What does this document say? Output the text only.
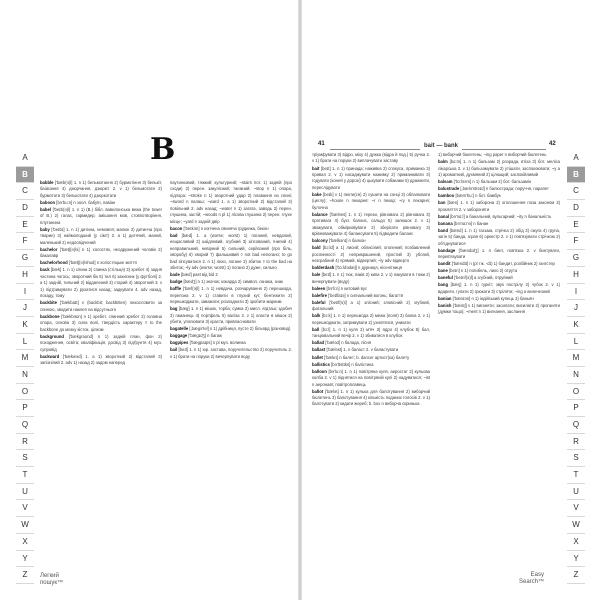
A
B
C
D
E
F
G
H
I
J
K
L
M
N
O
P
Q
R
S
T
U
V
W
X
Y
Z
A
B
C
D
E
F
G
H
I
J
K
L
M
N
O
P
Q
R
S
T
U
V
W
X
Y
Z
B
babble ['bæb(ə)l] 1. n 1) бельмотання 2) бурмотіння 3) белькіт, базікання 4) дзюрчання, дзюркіт 2. v 1) бельмотати 2) бурмотати 3) белькотати 4) дзюркотати
baboon [bə'bu:n] n зоол. бабуїн, павіан
babel ['beɪb(ə)l] 1. n 1) (B.) бібл. вавилонська вежа (the tower of B.) 2) галас, гармидер, змішання мов, стовпотворіння, плутанина
baby ['beɪbɪ] 1. n 1) дитина, немовля; малюк 2) дитинча (про тварин) 3) наймолодший (у сім'ї) 2. a 1) дитячий, малий, маленький 2) недосвідчений
bachelor ['bætʃ(ə)lə] n 1) холостяк, неодружений чоловік 2) бакалавр
bachelorhood ['bætʃ(ə)ləhʊd] n холостяцьке життя
back [bæk] 1. n 1) спина 2) спинка (стільця) 3) хребет 4) задня частина чогось; зворотний бік 5) тил 6) захисник (у футболі) 2. a 1) задній, тильний 2) віддалений 3) старий 4) зворотний 3. v 1) підтримувати 2) рухатися назад; задкувати 4. adv назад, позаду, тому
backbite ['bækbaɪt] v (backbit; backbitten) лихословити за спиною, зводити наклеп на відсутнього
backbone ['bækbəʊn] n 1) хребет, спинний хребет 2) головна опора, основа 3) сила волі, твердість характеру ◊ to the backbone до мозку кісток, цілком
background ['bækgraʊnd] n 1) задній план, фон 2) походження, освіта; кваліфікація, досвід 3) підґрунтя 4) муз. супровід
backward ['bækwəd] 1. a 1) зворотний 2) відсталий 3) запізнілий 2. adv 1) назад 2) задом наперед
паутинковий, тяжкий; культурний; ~stairs пот. 1) задній (про сходи) 2) перен. закулісний; таємний; ~stop n 1) опора, підпора; ~stroke n 1) зворотний удар 2) плавання на спині; ~sword n палаш; ~ward 1. a 1) зворотний 2) відсталий 3) повільний 2. adv назад; ~water n 1) загата, заводь 2) перен. глушина, застій; ~woods n pl 1) лісова глушина 2) перен. глухе місце; ~yard n задній двір
bacon ['beɪkən] n копчена свиняча грудинка, бекон
bad [bæd] 1. a (worse; worst) 1) поганий, невдалий, нещасливий 2) шкідливий, згубний 3) зіпсований, гнилий 4) неправильний, невірний 5) сильний, серйозний (про біль, хворобу) 6) хворий 7) фальшивий ◊ not bad непогано; to go bad зіпсуватися 2. n 1) лихо, погане 2) збиток ◊ to the bad на збиток; ~ly adv (worse; worst) 1) погано 2) дуже, сильно
bade [bæd] past від bid 2
badge [bædʒ] n 1) значок; кокарда 2) символ, ознака, знак
baffle ['bæf(ə)l] 1. n 1) невдача, розчарування 2) перешкода, перепона 2. v 1) ставити в глухий кут, бентежити 2) перешкоджати, заважати; розладнати 3) зробити марним
bag [bæɡ] 1. n 1) мішок, торба; сумка 2) мисл. ягдташ; здобич 3) гаманець 4) портфель 5) валіза 2. v 1) класти в мішок 2) убити, уполювати 3) красти, привласнювати
bagatelle [,bæɡə'tel] n 1) дрібниця, пусте 2) більярд (різновид)
baggage ['bæɡɪdʒ] n багаж
bagpipes ['bæɡpaɪps] n pl муз. волинка
bail [beɪl] 1. n 1) юр. застава, поручительство 2) поручитель 2. v 1) брати на поруки 2) вичерпувати воду
Легкий
пошук™
41	bait — bank	42
тріумфувати 3) відро, міху 4) дужка (відра й под.) 5) ручка 2. v 1) брати на поруки 2) виплачувати заставу
bait [beɪt] 1. n 1) принада; наживка 2) спокуса, приманка 3) привал 2. v 1) насаджувати наживку 2) приманювати 3) годувати (коней у дорозі) 4) цькувати собаками 5) дражнити, переслідувати
bake [beɪk] v 1) пекти(ся) 2) сушити на сонці 3) обпалювати (цеглу); ~house n пекарня; ~r n пекар; ~ry n пекарня; булочна
balance ['bæləns] 1. n 1) терези, рівновага 2) рівновага 3) противага 4) бухг. баланс, сальдо 5) залишок 2. v 1) зважувати, обмірковувати 2) зберігати рівновагу 3) врівноважувати 4) балансувати 5) підводити баланс
balcony ['bælkənɪ] n балкон
bald [bɔ:ld] a 1) лисий; облисілий; оголений; позбавлений рослинності 2) неприкрашений, простий 3) убогий, незграбний 4) прямий, відвертий; ~ly adv відверто
balderdash ['bɔ:ldədæʃ] n дурниця, нісенітниця
bale [beɪl] 1. n 1) тюк, паків 2) кипа 2. v 1) пакувати в тюки 2) вичерпувати (воду)
baleen [bə'li:n] n китовий вус
balefire ['beɪlfaɪə] n сигнальний вогонь; багаття
baleful ['beɪlf(ə)l] a 1) злісний; зловісний 2) згубний, фатальний
balk [bɔ:k] 1. n 1) перешкода 2) межа (поля) 3) балка 2. v 1) перешкоджати, затримувати 2) ухилятися, уникати
ball [bɔ:l] 1. n 1) куля 2) м'яч 3) ядро 4) клубок 5) бал, танцювальний вечір 2. v 1) збиватися в клубок
ballad ['bæləd] n балада, пісня
ballast ['bæləst] 1. n баласт 2. v баластувати
ballet ['bæleɪ] n балет; b. dancer артист(ка) балету
ballistics [bə'lɪstɪks] n балістика
balloon [bə'lu:n] 1. n 1) повітряна куля, аеростат 2) кульова колба 2. v 1) піднятися на повітряній кулі 2) надуватися; ~ist n аеронавт, повітроплавець
ballot ['bælət] 1. n 1) кулька для балотування 2) виборчий бюлетень 3) балотування 4) кількість поданих голосів 2. v 1) балотувати 2) кидати жереб; b. box n виборча скринька
1) виборчий бюлетень; ~ing paper n виборчий бюлетень
balm [bɑ:m] 1. n 1) бальзам 2) розрада, втіха 3) бот. меліса лікарська 2. v 1) бальзамувати 2) утішати, заспокоювати; ~y a 1) ароматний, духмяний 2) цілющий; заспокійливий
balsam ['bɔ:lsəm] n 1) бальзам 2) бот. бальзамін
balustrade [,bælə'streɪd] n балюстрада; поруччя, парапет
bamboo [bæm'bu:] n бот. бамбук
ban [bæn] 1. n 1) заборона 2) оголошення поза законом 3) прокляття 2. v забороняти
banal [bə'nɑ:l] a банальний, вульгарний; ~ity n банальність
banana [bə'nɑ:nə] n банан
band [bænd] 1. n 1) тасьма, стрічка 2) обід 3) смуга 4) група, загін 5) банда, зграя 6) оркестр 2. v 1) пов'язувати стрічкою 2) об'єднуватися
bandage ['bændɪdʒ] 1. n бинт, пов'язка 2. v бинтувати, перев'язувати
bandit ['bændɪt] n (pl тж. -dɪ) 1) бандит, розбійник 2) гангстер
bane [beɪn] n 1) погибель, лихо 2) отрута
baneful ['beɪnf(ə)l] a згубний, отруйний
bang [bæŋ] 1. n 1) гуркіт; звук пострілу 2) чубок 2. v 1) вдарити, гупати 2) грюкати 3) стріляти; ~ing a величезний
banian ['bænɪən] n 1) індійський купець 2) баньян
banish ['bænɪʃ] v 1) виганяти; засилати; висилати 2) проганяти (думки тощо); ~ment n 1) вигнання, заслання
Easy
Search™
